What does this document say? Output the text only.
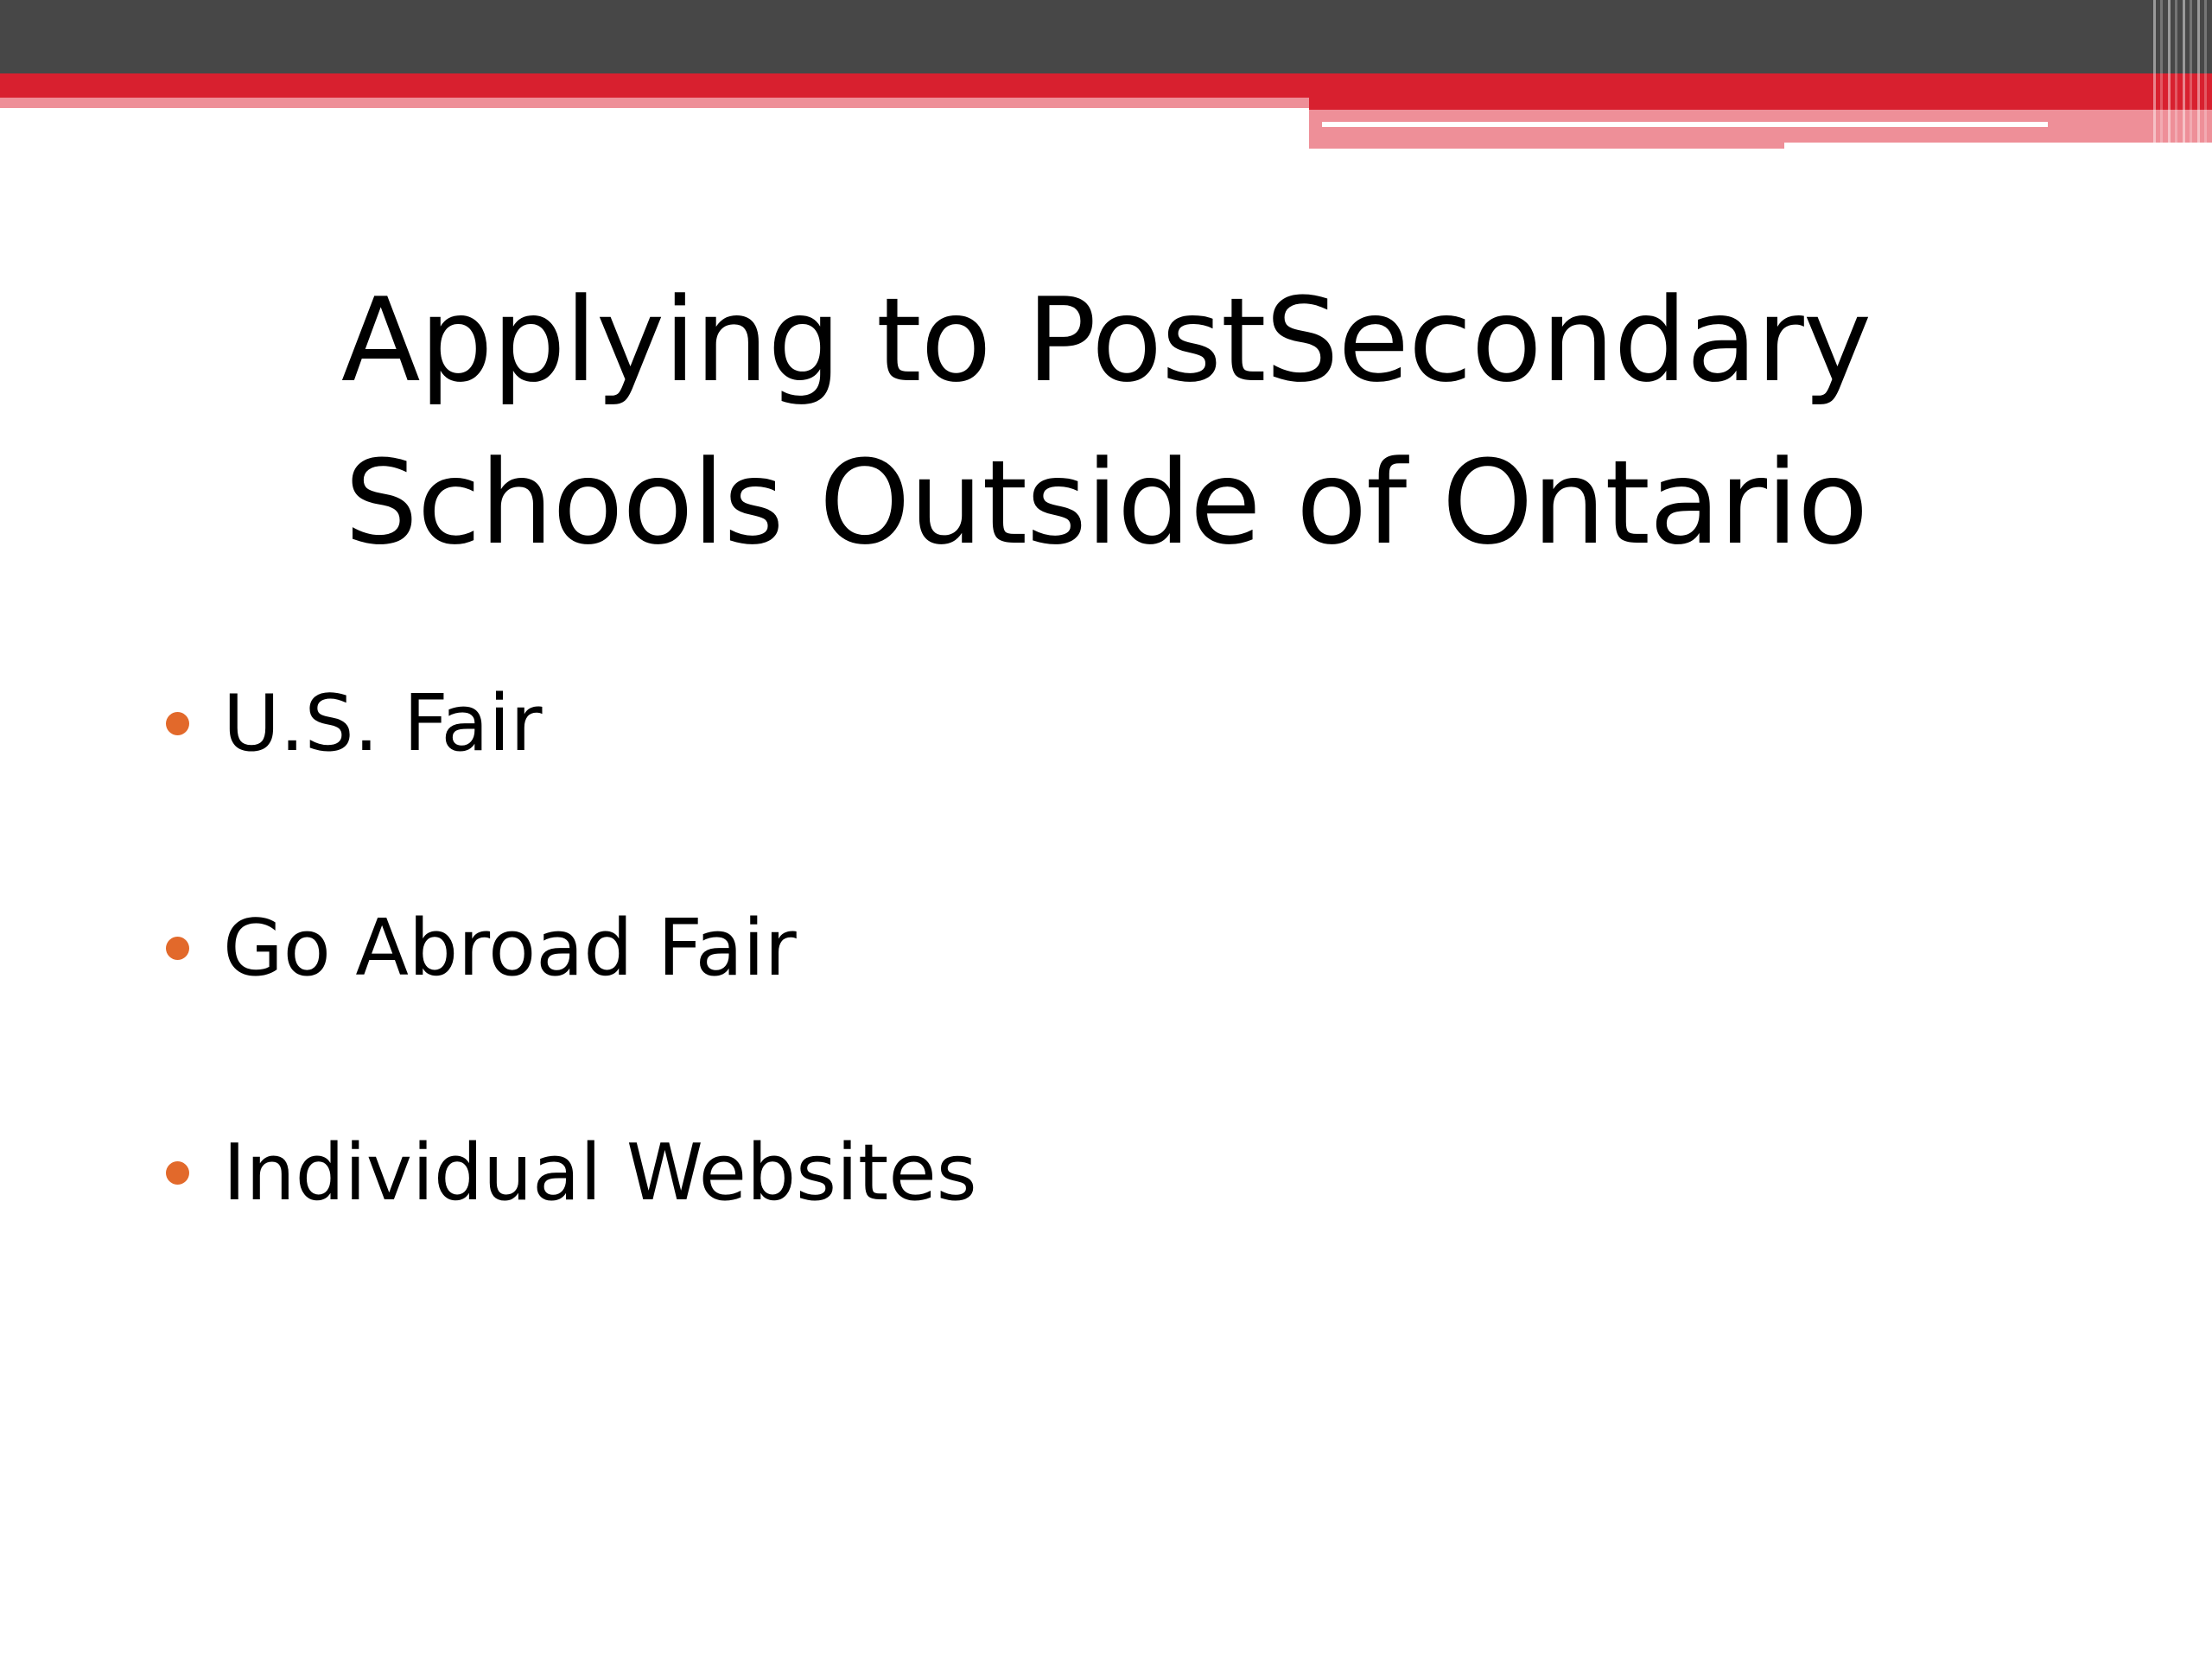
Applying to PostSecondary
Schools Outside of Ontario
U.S. Fair
Go Abroad Fair
Individual Websites
